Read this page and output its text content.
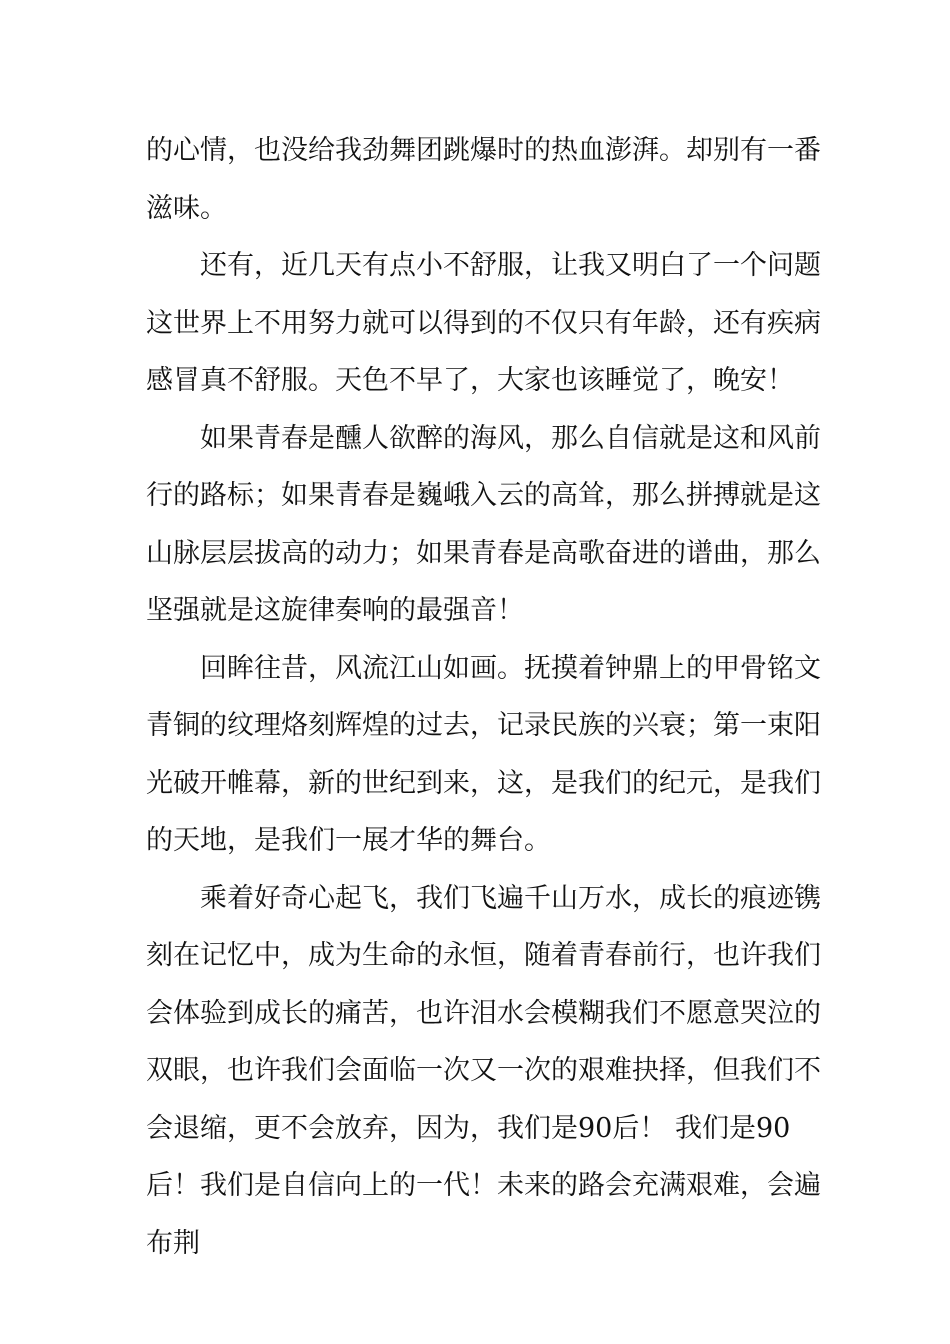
的心情，也没给我劲舞团跳爆时的热血澎湃。却别有一番滋味。

还有，近几天有点小不舒服，让我又明白了一个问题这世界上不用努力就可以得到的不仅只有年龄，还有疾病感冒真不舒服。天色不早了，大家也该睡觉了，晚安！

如果青春是醺人欲醉的海风，那么自信就是这和风前行的路标；如果青春是巍峨入云的高耸，那么拼搏就是这山脉层层拔高的动力；如果青春是高歌奋进的谱曲，那么坚强就是这旋律奏响的最强音！

回眸往昔，风流江山如画。抚摸着钟鼎上的甲骨铭文青铜的纹理烙刻辉煌的过去，记录民族的兴衰；第一束阳光破开帷幕，新的世纪到来，这，是我们的纪元，是我们的天地，是我们一展才华的舞台。

乘着好奇心起飞，我们飞遍千山万水，成长的痕迹镌刻在记忆中，成为生命的永恒，随着青春前行，也许我们会体验到成长的痛苦，也许泪水会模糊我们不愿意哭泣的双眼，也许我们会面临一次又一次的艰难抉择，但我们不会退缩，更不会放弃，因为，我们是90后！ 我们是90后！我们是自信向上的一代！未来的路会充满艰难，会遍布荆
